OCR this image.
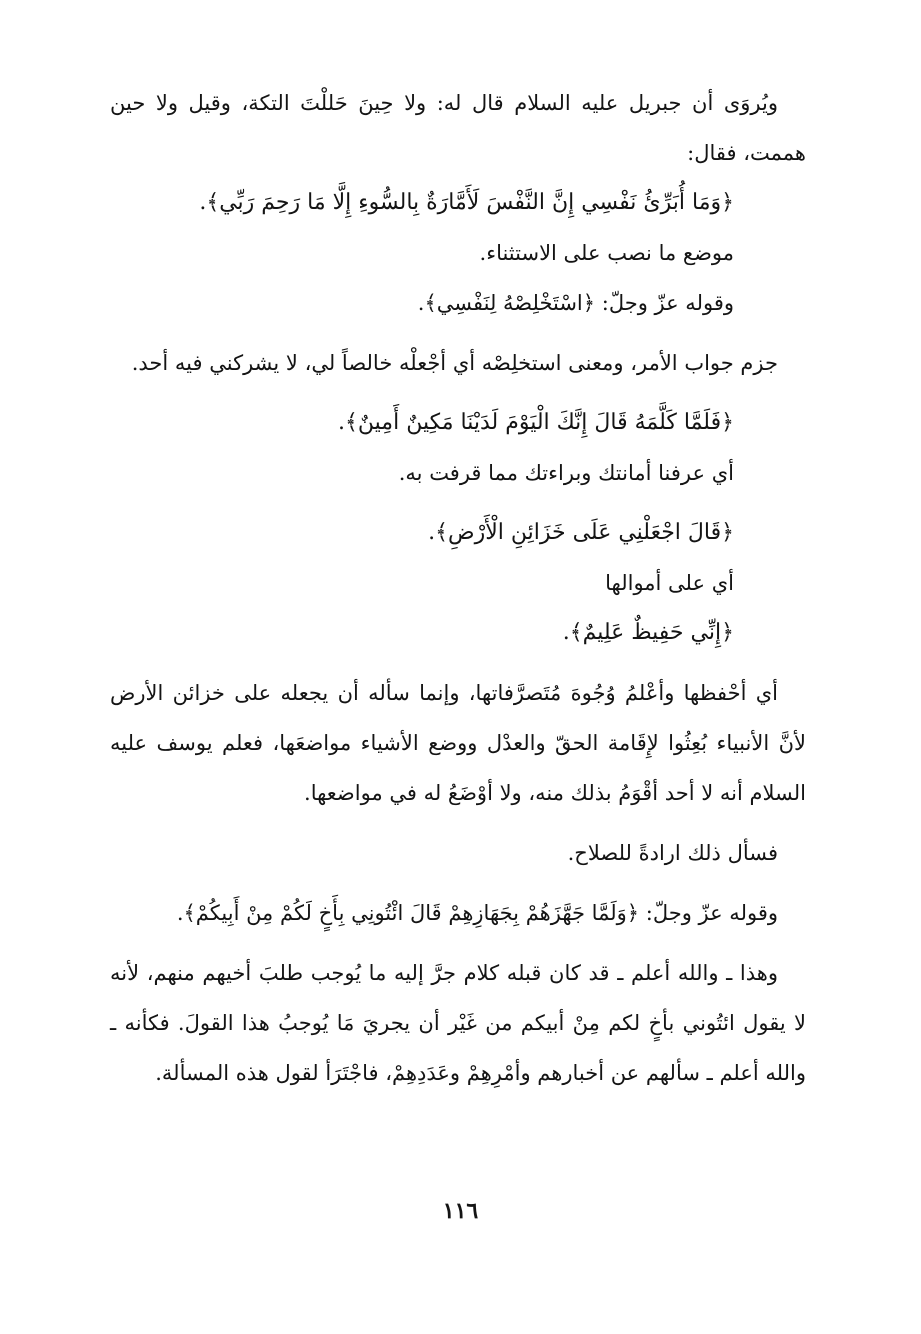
ويُروَى أن جبريل عليه السلام قال له: ولا حِينَ حَللْتَ التكة، وقيل ولا حين هممت، فقال:

﴿وَمَا أُبَرِّئُ نَفْسِي إِنَّ النَّفْسَ لَأَمَّارَةٌ بِالسُّوءِ إِلَّا مَا رَحِمَ رَبِّي﴾.

موضع ما نصب على الاستثناء.

وقوله عزّ وجلّ: ﴿اسْتَخْلِصْهُ لِنَفْسِي﴾.

جزم جواب الأمر، ومعنى استخلِصْه أي أجْعلْه خالصاً لي، لا يشركني فيه أحد.

﴿فَلَمَّا كَلَّمَهُ قَالَ إِنَّكَ الْيَوْمَ لَدَيْنَا مَكِينٌ أَمِينٌ﴾.

أي عرفنا أمانتك وبراءتك مما قرفت به.

﴿قَالَ اجْعَلْنِي عَلَى خَزَائِنِ الْأَرْضِ﴾.

أي على أموالها

﴿إِنِّي حَفِيظٌ عَلِيمٌ﴾.

أي أحْفظها وأعْلمُ وُجُوهَ مُتَصرَّفاتها، وإنما سأله أن يجعله على خزائن الأرض لأنَّ الأنبياء بُعِثُوا لإِقَامة الحقّ والعدْل ووضع الأشياء مواضعَها، فعلم يوسف عليه السلام أنه لا أحد أقْوَمُ بذلك منه، ولا أوْضَعُ له في مواضعها.

فسأل ذلك ارادةً للصلاح.

وقوله عزّ وجلّ: ﴿وَلَمَّا جَهَّزَهُمْ بِجَهَازِهِمْ قَالَ ائْتُونِي بِأَخٍ لَكُمْ مِنْ أَبِيكُمْ﴾.

وهذا ـ والله أعلم ـ قد كان قبله كلام جرَّ إليه ما يُوجب طلبَ أخيهم منهم، لأنه لا يقول ائتُوني بأخٍ لكم مِنْ أبيكم من غَيْر أن يجريَ مَا يُوجبُ هذا القولَ. فكأنه ـ والله أعلم ـ سألهم عن أخبارهم وأمْرِهِمْ وعَدَدِهِمْ، فاجْتَرَأ لقول هذه المسألة.

١١٦
